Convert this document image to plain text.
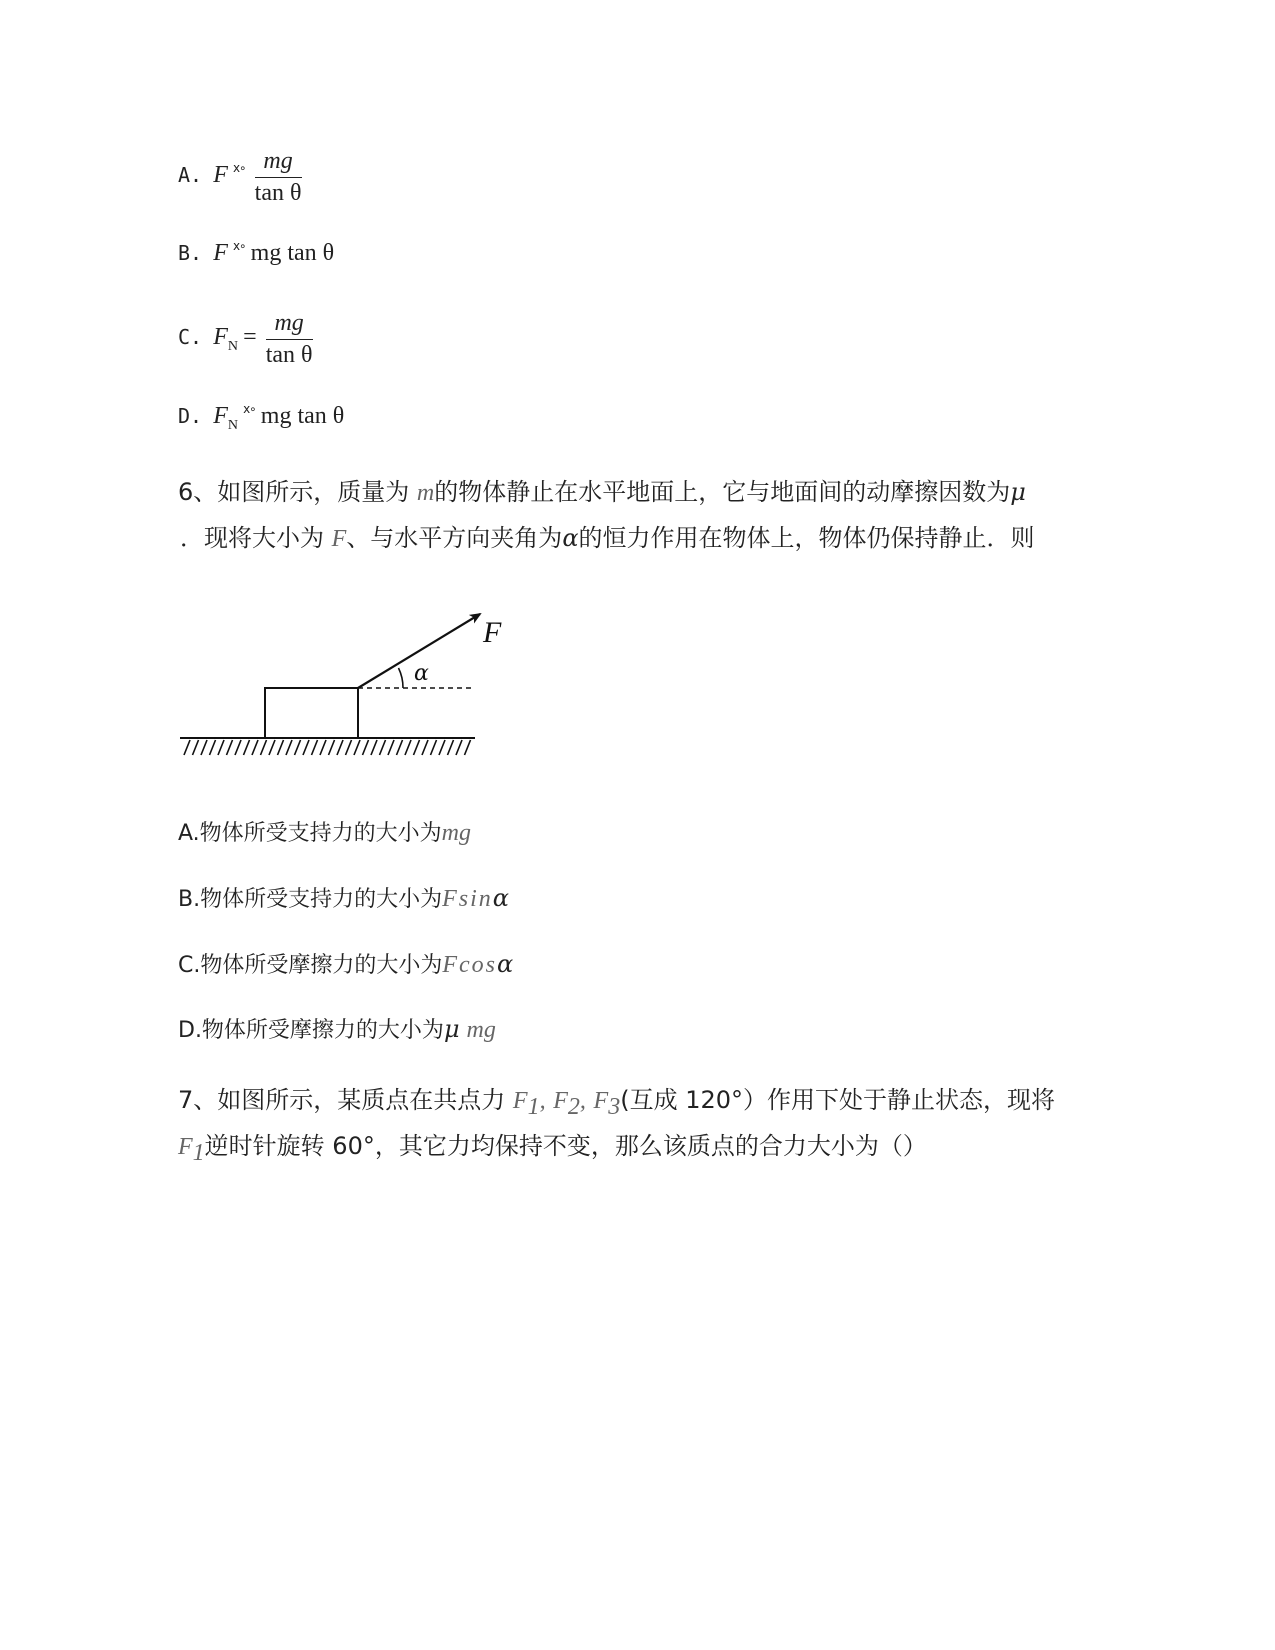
A. F $^{ⅹ\circ} \frac{mg}{\text{tan θ}}$
B. F $^{ⅹ\circ}$ mg tan θ
C. FN = $\frac{mg}{\text{tan θ}}$
D. FN $^{ⅹ\circ}$ mg tan θ
6、如图所示，质量为 m的物体静止在水平地面上，它与地面间的动摩擦因数为μ
．现将大小为 F、与水平方向夹角为α的恒力作用在物体上，物体仍保持静止．则
F
α
A.物体所受支持力的大小为mg
B.物体所受支持力的大小为Fsinα
C.物体所受摩擦力的大小为Fcosα
D.物体所受摩擦力的大小为μ mg
7、如图所示，某质点在共点力 F1, F2, F3(互成 120°）作用下处于静止状态，现将
F1逆时针旋转 60°，其它力均保持不变，那么该质点的合力大小为（）
